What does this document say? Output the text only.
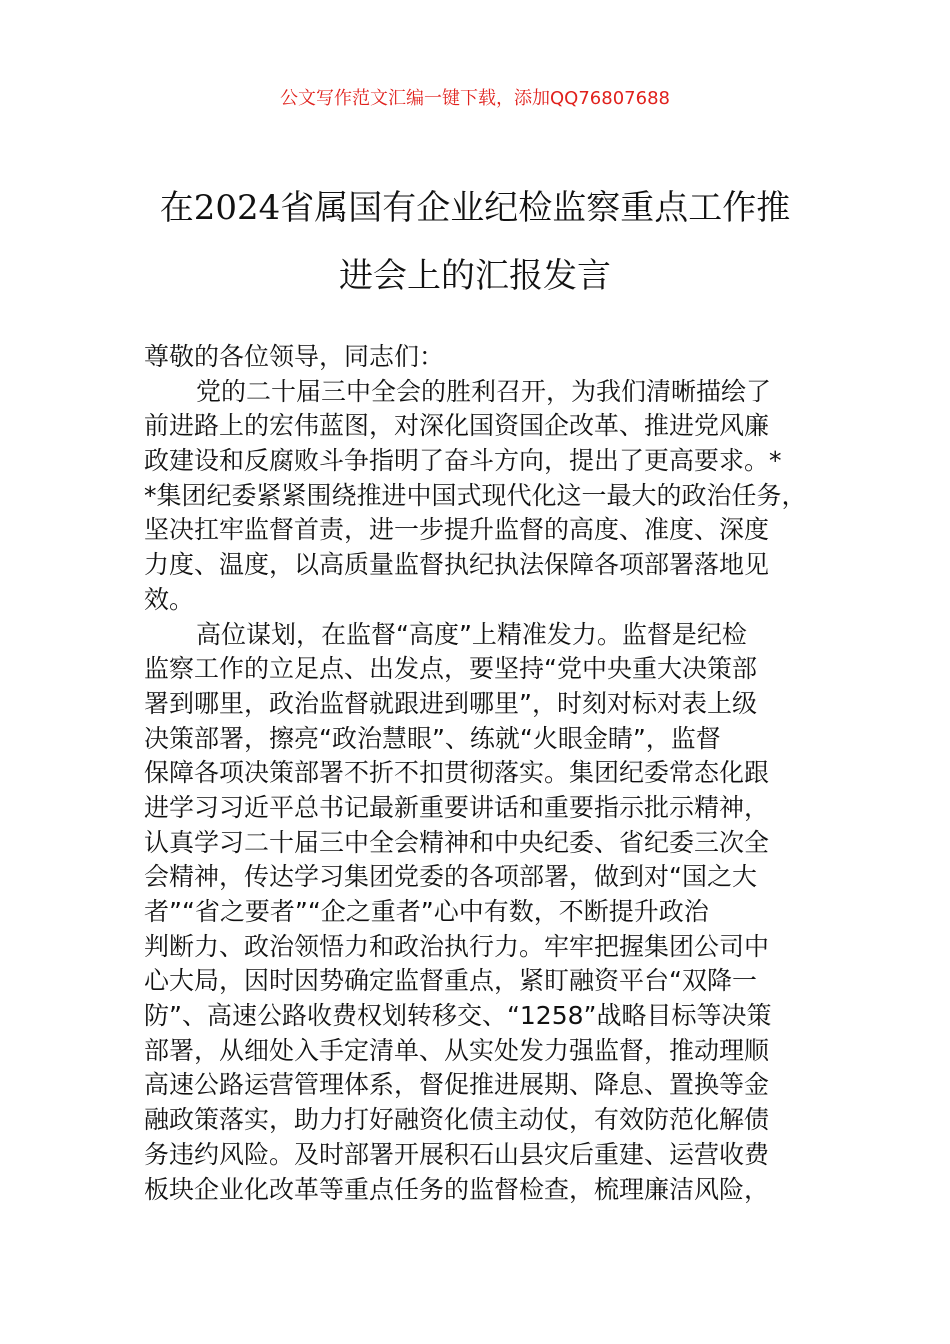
公文写作范文汇编一键下载，添加QQ76807688
在2024省属国有企业纪检监察重点工作推
进会上的汇报发言
尊敬的各位领导，同志们：
党的二十届三中全会的胜利召开，为我们清晰描绘了
前进路上的宏伟蓝图，对深化国资国企改革、推进党风廉
政建设和反腐败斗争指明了奋斗方向，提出了更高要求。*
*集团纪委紧紧围绕推进中国式现代化这一最大的政治任务，
坚决扛牢监督首责，进一步提升监督的高度、准度、深度
力度、温度，以高质量监督执纪执法保障各项部署落地见
效。
高位谋划，在监督“高度”上精准发力。监督是纪检
监察工作的立足点、出发点，要坚持“党中央重大决策部
署到哪里，政治监督就跟进到哪里”，时刻对标对表上级
决策部署，擦亮“政治慧眼”、练就“火眼金睛”，监督
保障各项决策部署不折不扣贯彻落实。集团纪委常态化跟
进学习习近平总书记最新重要讲话和重要指示批示精神，
认真学习二十届三中全会精神和中央纪委、省纪委三次全
会精神，传达学习集团党委的各项部署，做到对“国之大
者”“省之要者”“企之重者”心中有数，不断提升政治
判断力、政治领悟力和政治执行力。牢牢把握集团公司中
心大局，因时因势确定监督重点，紧盯融资平台“双降一
防”、高速公路收费权划转移交、“1258”战略目标等决策
部署，从细处入手定清单、从实处发力强监督，推动理顺
高速公路运营管理体系，督促推进展期、降息、置换等金
融政策落实，助力打好融资化债主动仗，有效防范化解债
务违约风险。及时部署开展积石山县灾后重建、运营收费
板块企业化改革等重点任务的监督检查，梳理廉洁风险，
